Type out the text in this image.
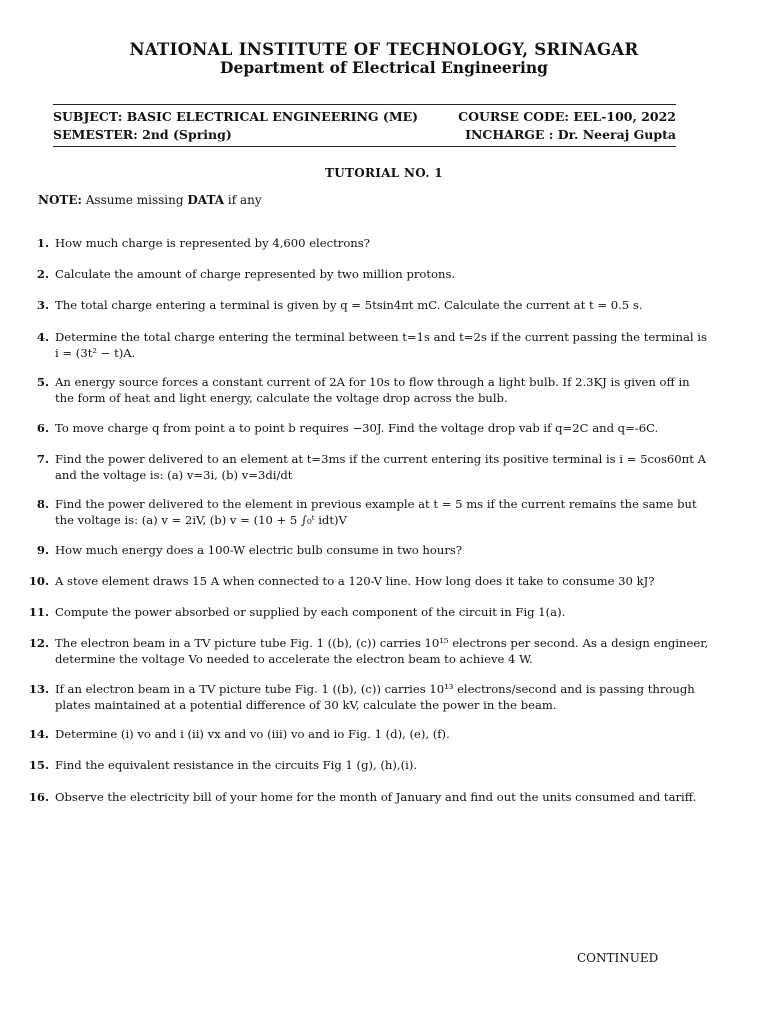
NATIONAL INSTITUTE OF TECHNOLOGY, SRINAGAR
Department of Electrical Engineering
SUBJECT: BASIC ELECTRICAL ENGINEERING (ME)	COURSE CODE: EEL-100, 2022
SEMESTER: 2nd (Spring)	INCHARGE : Dr. Neeraj Gupta
TUTORIAL NO. 1
NOTE: Assume missing DATA if any
1. How much charge is represented by 4,600 electrons?
2. Calculate the amount of charge represented by two million protons.
3. The total charge entering a terminal is given by q = 5tsin4πt mC. Calculate the current at t = 0.5 s.
4. Determine the total charge entering the terminal between t=1s and t=2s if the current passing the terminal is
i = (3t² − t)A.
5. An energy source forces a constant current of 2A for 10s to flow through a light bulb. If 2.3KJ is given off in
the form of heat and light energy, calculate the voltage drop across the bulb.
6. To move charge q from point a to point b requires −30J. Find the voltage drop vab if q=2C and q=-6C.
7. Find the power delivered to an element at t=3ms if the current entering its positive terminal is i = 5cos60πt A
and the voltage is: (a) v=3i, (b) v=3di/dt
8. Find the power delivered to the element in previous example at t = 5 ms if the current remains the same but
the voltage is: (a) v = 2iV, (b) v = (10 + 5 ∫₀ᵗ idt)V
9. How much energy does a 100-W electric bulb consume in two hours?
10. A stove element draws 15 A when connected to a 120-V line. How long does it take to consume 30 kJ?
11. Compute the power absorbed or supplied by each component of the circuit in Fig 1(a).
12. The electron beam in a TV picture tube Fig. 1 ((b), (c)) carries 10¹⁵ electrons per second. As a design engineer,
determine the voltage Vo needed to accelerate the electron beam to achieve 4 W.
13. If an electron beam in a TV picture tube Fig. 1 ((b), (c)) carries 10¹³ electrons/second and is passing through
plates maintained at a potential difference of 30 kV, calculate the power in the beam.
14. Determine (i) vo and i (ii) vx and vo (iii) vo and io Fig. 1 (d), (e), (f).
15. Find the equivalent resistance in the circuits Fig 1 (g), (h),(i).
16. Observe the electricity bill of your home for the month of January and find out the units consumed and tariff.
CONTINUED
